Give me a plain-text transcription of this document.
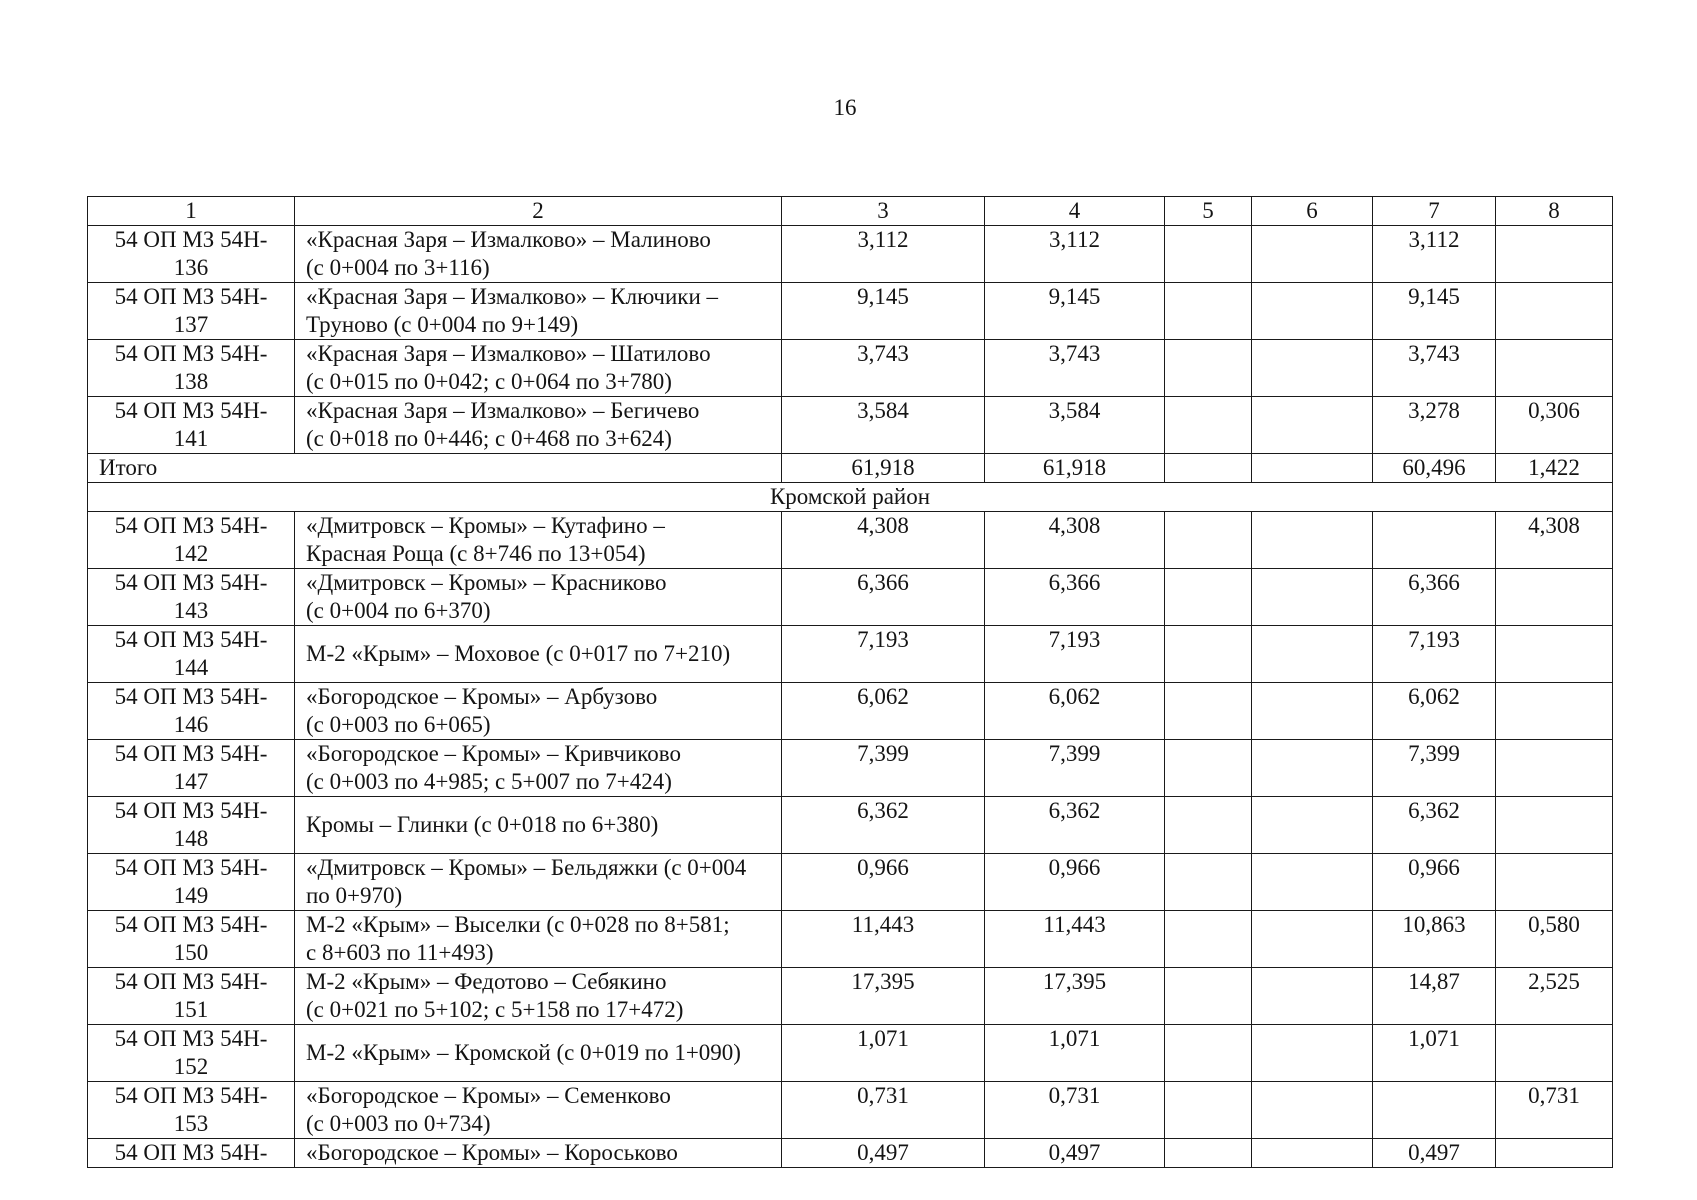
16
1	2	3	4	5	6	7	8

54 ОП МЗ 54Н-
136	«Красная Заря – Измалково» – Малиново
(с 0+004 по 3+116)	3,112	3,112			3,112	

54 ОП МЗ 54Н-
137	«Красная Заря – Измалково» – Ключики –
Труново (с 0+004 по 9+149)	9,145	9,145			9,145	

54 ОП МЗ 54Н-
138	«Красная Заря – Измалково» – Шатилово
(с 0+015 по 0+042; с 0+064 по 3+780)	3,743	3,743			3,743	

54 ОП МЗ 54Н-
141	«Красная Заря – Измалково» – Бегичево
(с 0+018 по 0+446; с 0+468 по 3+624)	3,584	3,584			3,278	0,306
Итого		61,918	61,918			60,496	1,422
Кромской район							

54 ОП МЗ 54Н-
142	«Дмитровск – Кромы» – Кутафино –
Красная Роща (с 8+746 по 13+054)	4,308	4,308				4,308

54 ОП МЗ 54Н-
143	«Дмитровск – Кромы» – Красниково
(с 0+004 по 6+370)	6,366	6,366			6,366	

54 ОП МЗ 54Н-
144	М-2 «Крым» – Моховое (с 0+017 по 7+210)	7,193	7,193			7,193	

54 ОП МЗ 54Н-
146	«Богородское – Кромы» – Арбузово
(с 0+003 по 6+065)	6,062	6,062			6,062	

54 ОП МЗ 54Н-
147	«Богородское – Кромы» – Кривчиково
(с 0+003 по 4+985; с 5+007 по 7+424)	7,399	7,399			7,399	

54 ОП МЗ 54Н-
148	Кромы – Глинки (с 0+018 по 6+380)	6,362	6,362			6,362	

54 ОП МЗ 54Н-
149	«Дмитровск – Кромы» – Бельдяжки (с 0+004
по 0+970)	0,966	0,966			0,966	

54 ОП МЗ 54Н-
150	М-2 «Крым» – Выселки (с 0+028 по 8+581;
с 8+603 по 11+493)	11,443	11,443			10,863	0,580

54 ОП МЗ 54Н-
151	М-2 «Крым» – Федотово – Себякино
(с 0+021 по 5+102; с 5+158 по 17+472)	17,395	17,395			14,87	2,525

54 ОП МЗ 54Н-
152	М-2 «Крым» – Кромской (с 0+019 по 1+090)	1,071	1,071			1,071	

54 ОП МЗ 54Н-
153	«Богородское – Кромы» – Семенково
(с 0+003 по 0+734)	0,731	0,731				0,731

54 ОП МЗ 54Н-	«Богородское – Кромы» – Короськово	0,497	0,497			0,497	
